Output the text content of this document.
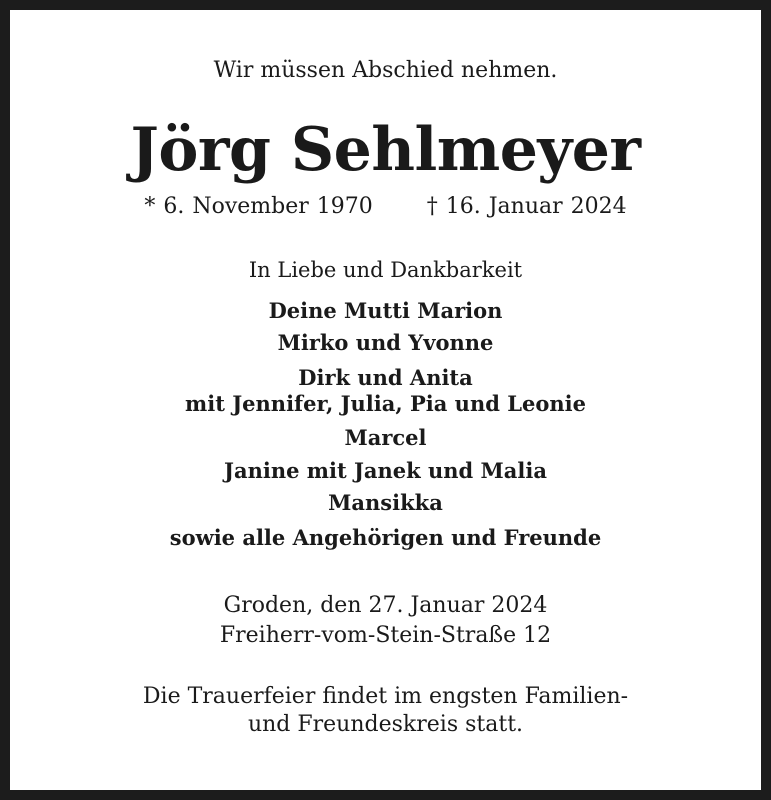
Wir müssen Abschied nehmen.
Jörg Sehlmeyer
* 6. November 1970 † 16. Januar 2024
In Liebe und Dankbarkeit
Deine Mutti Marion
Mirko und Yvonne
Dirk und Anita
mit Jennifer, Julia, Pia und Leonie
Marcel
Janine mit Janek und Malia
Mansikka
sowie alle Angehörigen und Freunde
Groden, den 27. Januar 2024
Freiherr-vom-Stein-Straße 12
Die Trauerfeier findet im engsten Familien-
und Freundeskreis statt.
